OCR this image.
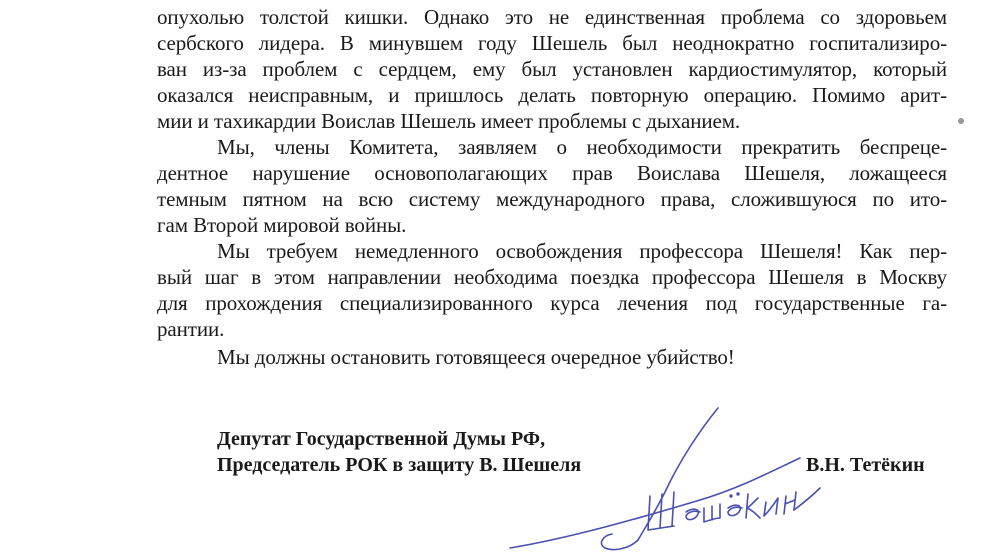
опухолью толстой кишки. Однако это не единственная проблема со здоровьем
сербского лидера. В минувшем году Шешель был неоднократно госпитализиро-
ван из-за проблем с сердцем, ему был установлен кардиостимулятор, который
оказался неисправным, и пришлось делать повторную операцию. Помимо арит-
мии и тахикардии Воислав Шешель имеет проблемы с дыханием.
Мы, члены Комитета, заявляем о необходимости прекратить беспреце-
дентное нарушение основополагающих прав Воислава Шешеля, ложащееся
темным пятном на всю систему международного права, сложившуюся по ито-
гам Второй мировой войны.
Мы требуем немедленного освобождения профессора Шешеля! Как пер-
вый шаг в этом направлении необходима поездка профессора Шешеля в Москву
для прохождения специализированного курса лечения под государственные га-
рантии.
Мы должны остановить готовящееся очередное убийство!
Депутат Государственной Думы РФ,
Председатель РОК в защиту В. Шешеля	В.Н. Тетёкин
